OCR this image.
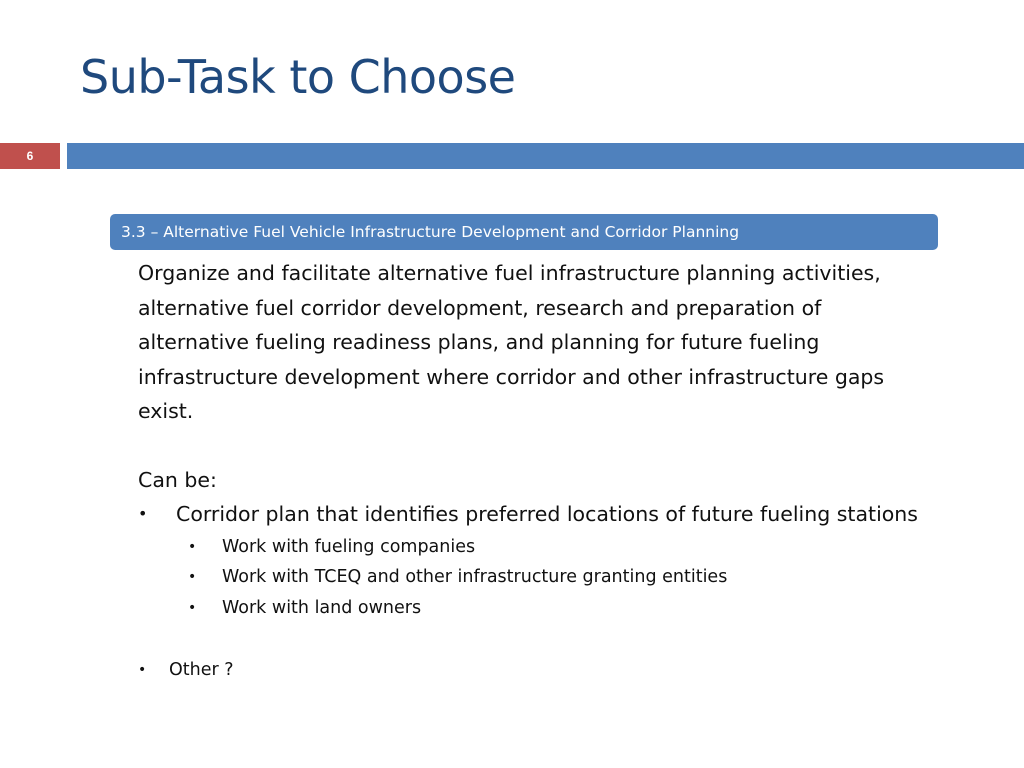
Sub-Task to Choose
6
3.3 – Alternative Fuel Vehicle Infrastructure Development and Corridor Planning

Organize and facilitate alternative fuel infrastructure planning activities, alternative fuel corridor development, research and preparation of alternative fueling readiness plans, and planning for future fueling infrastructure development where corridor and other infrastructure gaps exist.

Can be:

• Corridor plan that identifies preferred locations of future fueling stations
• Work with fueling companies
• Work with TCEQ and other infrastructure granting entities
• Work with land owners
• Other ?
